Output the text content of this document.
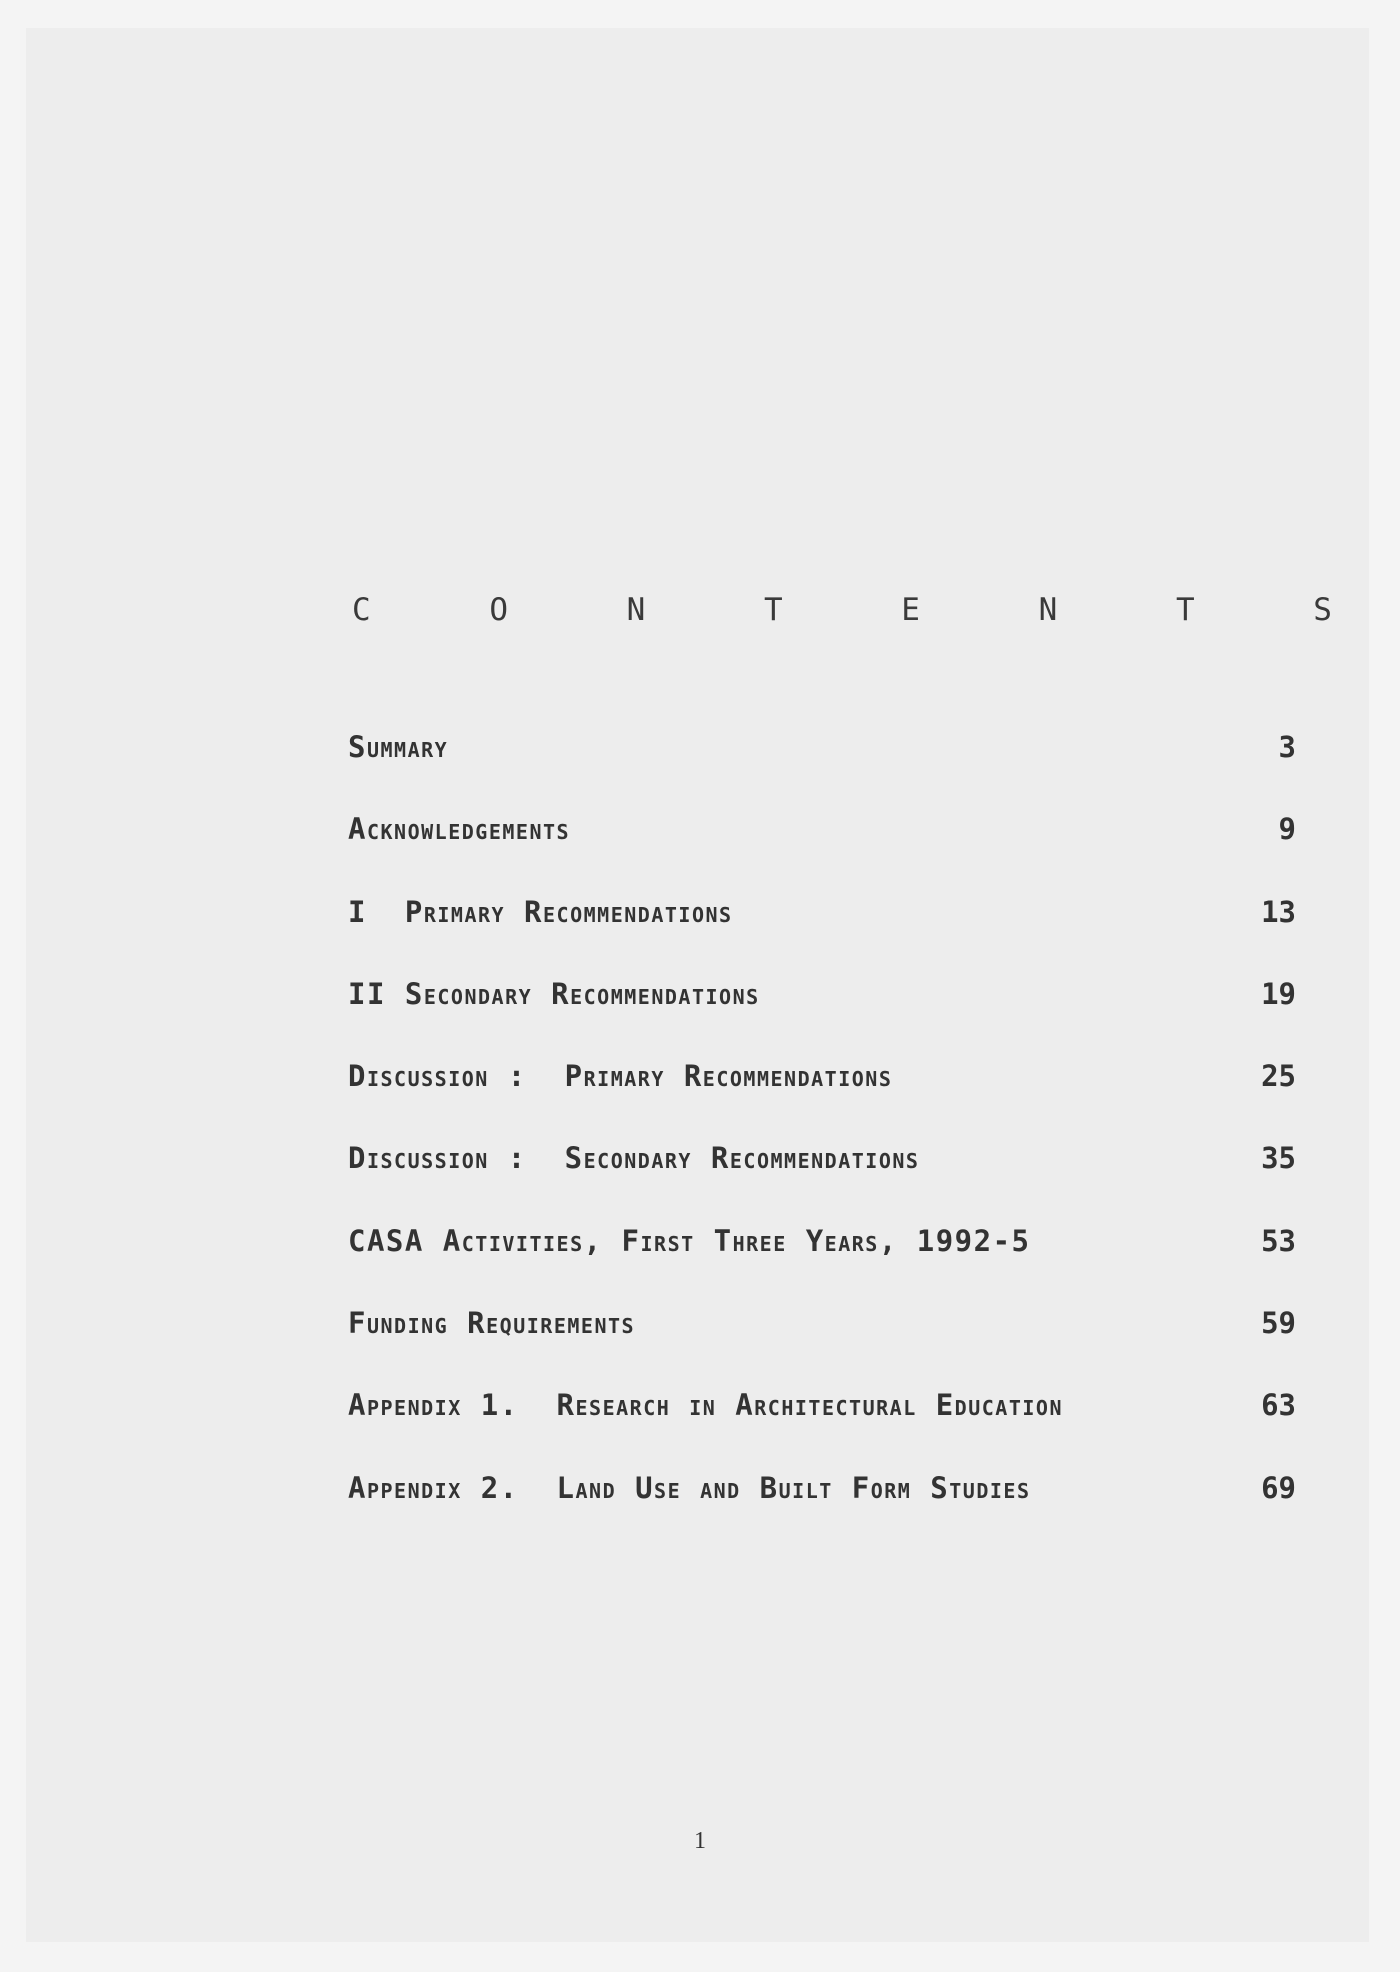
C O N T E N T S
Summary	3
Acknowledgements	9
I  Primary Recommendations	13
II Secondary Recommendations	19
Discussion :  Primary Recommendations	25
Discussion :  Secondary Recommendations	35
CASA Activities, First Three Years, 1992-5	53
Funding Requirements	59
Appendix 1.  Research in Architectural Education	63
Appendix 2.  Land Use and Built Form Studies	69
1
